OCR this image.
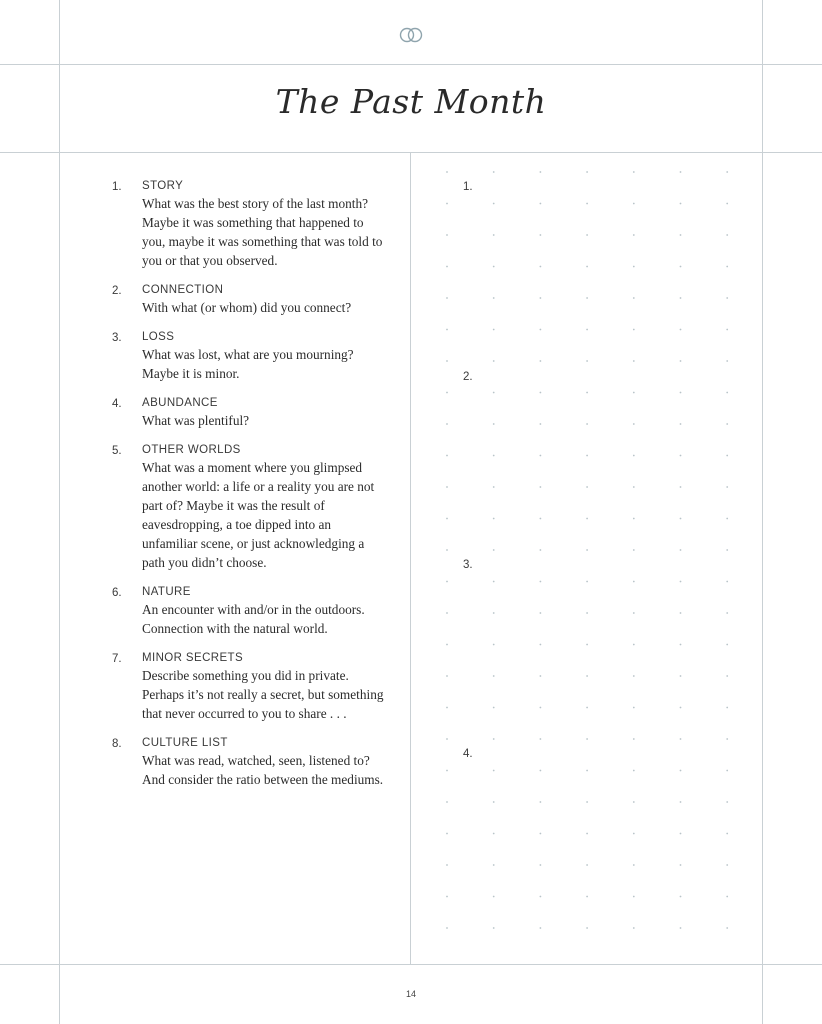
The Past Month
1.	STORY
What was the best story of the last month? Maybe it was something that happened to you, maybe it was something that was told to you or that you observed.
2.	CONNECTION
With what (or whom) did you connect?
3.	LOSS
What was lost, what are you mourning? Maybe it is minor.
4.	ABUNDANCE
What was plentiful?
5.	OTHER WORLDS
What was a moment where you glimpsed another world: a life or a reality you are not part of? Maybe it was the result of eavesdropping, a toe dipped into an unfamiliar scene, or just acknowledging a path you didn’t choose.
6.	NATURE
An encounter with and/or in the outdoors. Connection with the natural world.
7.	MINOR SECRETS
Describe something you did in private. Perhaps it’s not really a secret, but something that never occurred to you to share . . .
8.	CULTURE LIST
What was read, watched, seen, listened to? And consider the ratio between the mediums.
1.
2.
3.
4.
14
